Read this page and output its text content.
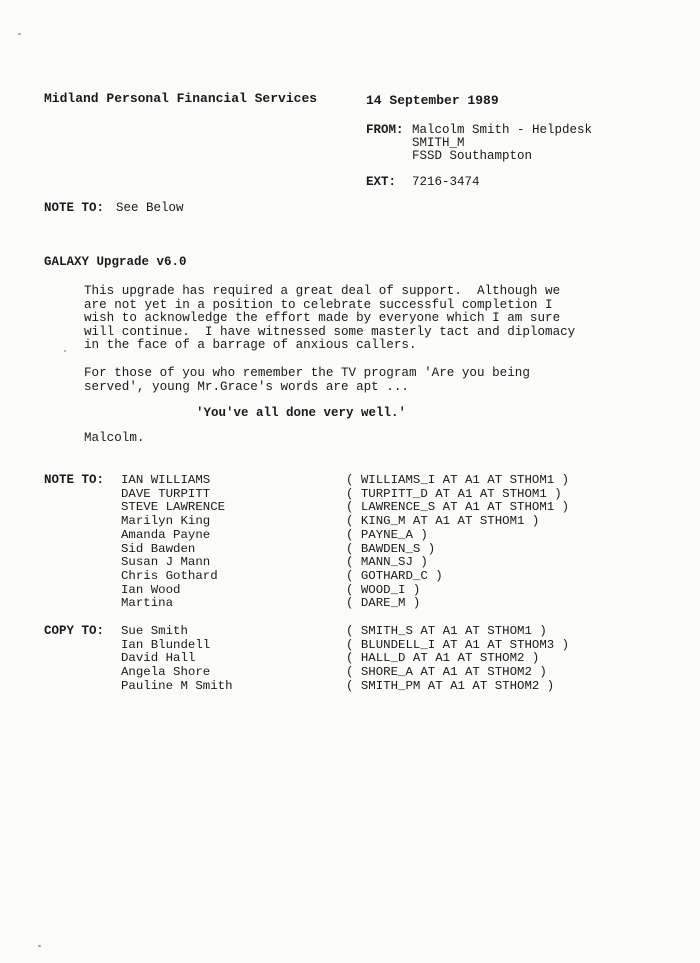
Midland Personal Financial Services	14 September 1989
FROM: Malcolm Smith - Helpdesk
SMITH_M
FSSD Southampton
EXT: 7216-3474
NOTE TO: See Below
GALAXY Upgrade v6.0
This upgrade has required a great deal of support.  Although we
are not yet in a position to celebrate successful completion I
wish to acknowledge the effort made by everyone which I am sure
will continue.  I have witnessed some masterly tact and diplomacy
in the face of a barrage of anxious callers.
For those of you who remember the TV program 'Are you being
served', young Mr.Grace's words are apt ...
'You've all done very well.'
Malcolm.
NOTE TO: IAN WILLIAMS
DAVE TURPITT
STEVE LAWRENCE
Marilyn King
Amanda Payne
Sid Bawden
Susan J Mann
Chris Gothard
Ian Wood
Martina
( WILLIAMS_I AT A1 AT STHOM1 )
( TURPITT_D AT A1 AT STHOM1 )
( LAWRENCE_S AT A1 AT STHOM1 )
( KING_M AT A1 AT STHOM1 )
( PAYNE_A )
( BAWDEN_S )
( MANN_SJ )
( GOTHARD_C )
( WOOD_I )
( DARE_M )
COPY TO: Sue Smith
Ian Blundell
David Hall
Angela Shore
Pauline M Smith
( SMITH_S AT A1 AT STHOM1 )
( BLUNDELL_I AT A1 AT STHOM3 )
( HALL_D AT A1 AT STHOM2 )
( SHORE_A AT A1 AT STHOM2 )
( SMITH_PM AT A1 AT STHOM2 )
